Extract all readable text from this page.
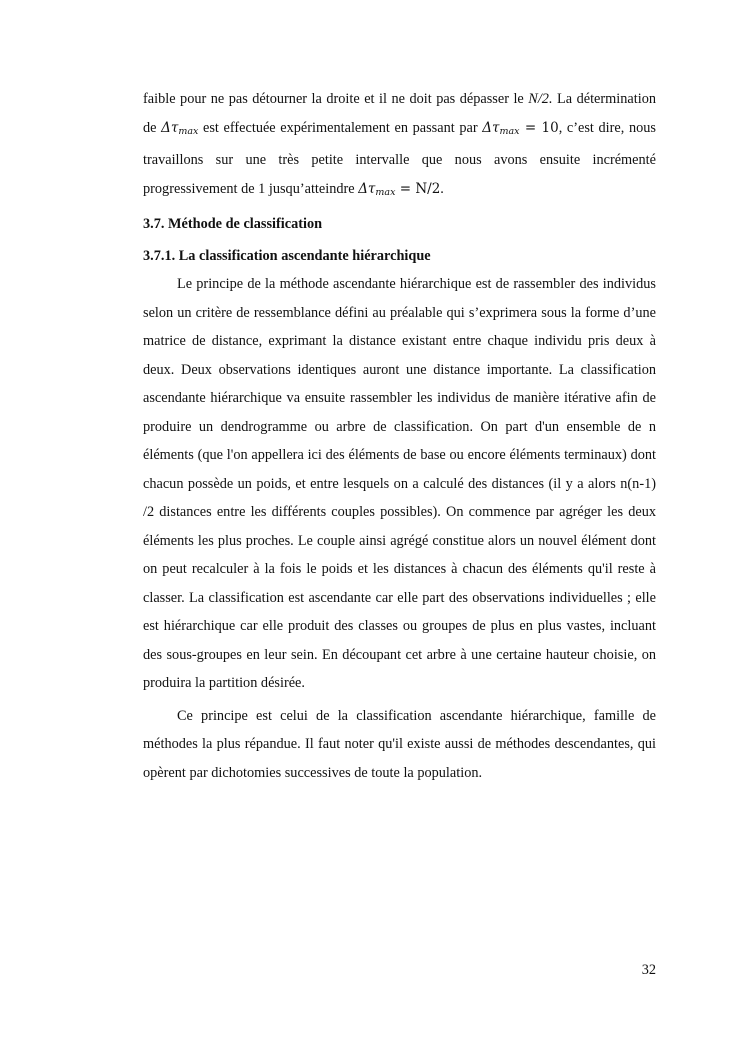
faible pour ne pas détourner la droite et il ne doit pas dépasser le N/2. La détermination de $\Delta\tau_{max}$ est effectuée expérimentalement en passant par $\Delta\tau_{max} = 10$, c’est dire, nous travaillons sur une très petite intervalle que nous avons ensuite incrémenté progressivement de 1 jusqu’atteindre $\Delta\tau_{max} = N/2$.

3.7. Méthode de classification
3.7.1. La classification ascendante hiérarchique

Le principe de la méthode ascendante hiérarchique est de rassembler des individus selon un critère de ressemblance défini au préalable qui s’exprimera sous la forme d’une matrice de distance, exprimant la distance existant entre chaque individu pris deux à deux. Deux observations identiques auront une distance importante. La classification ascendante hiérarchique va ensuite rassembler les individus de manière itérative afin de produire un dendrogramme ou arbre de classification. On part d'un ensemble de n éléments (que l'on appellera ici des éléments de base ou encore éléments terminaux) dont chacun possède un poids, et entre lesquels on a calculé des distances (il y a alors n(n-1) /2 distances entre les différents couples possibles). On commence par agréger les deux éléments les plus proches. Le couple ainsi agrégé constitue alors un nouvel élément dont on peut recalculer à la fois le poids et les distances à chacun des éléments qu'il reste à classer. La classification est ascendante car elle part des observations individuelles ; elle est hiérarchique car elle produit des classes ou groupes de plus en plus vastes, incluant des sous-groupes en leur sein. En découpant cet arbre à une certaine hauteur choisie, on produira la partition désirée.

Ce principe est celui de la classification ascendante hiérarchique, famille de méthodes la plus répandue. Il faut noter qu'il existe aussi de méthodes descendantes, qui opèrent par dichotomies successives de toute la population.

32
